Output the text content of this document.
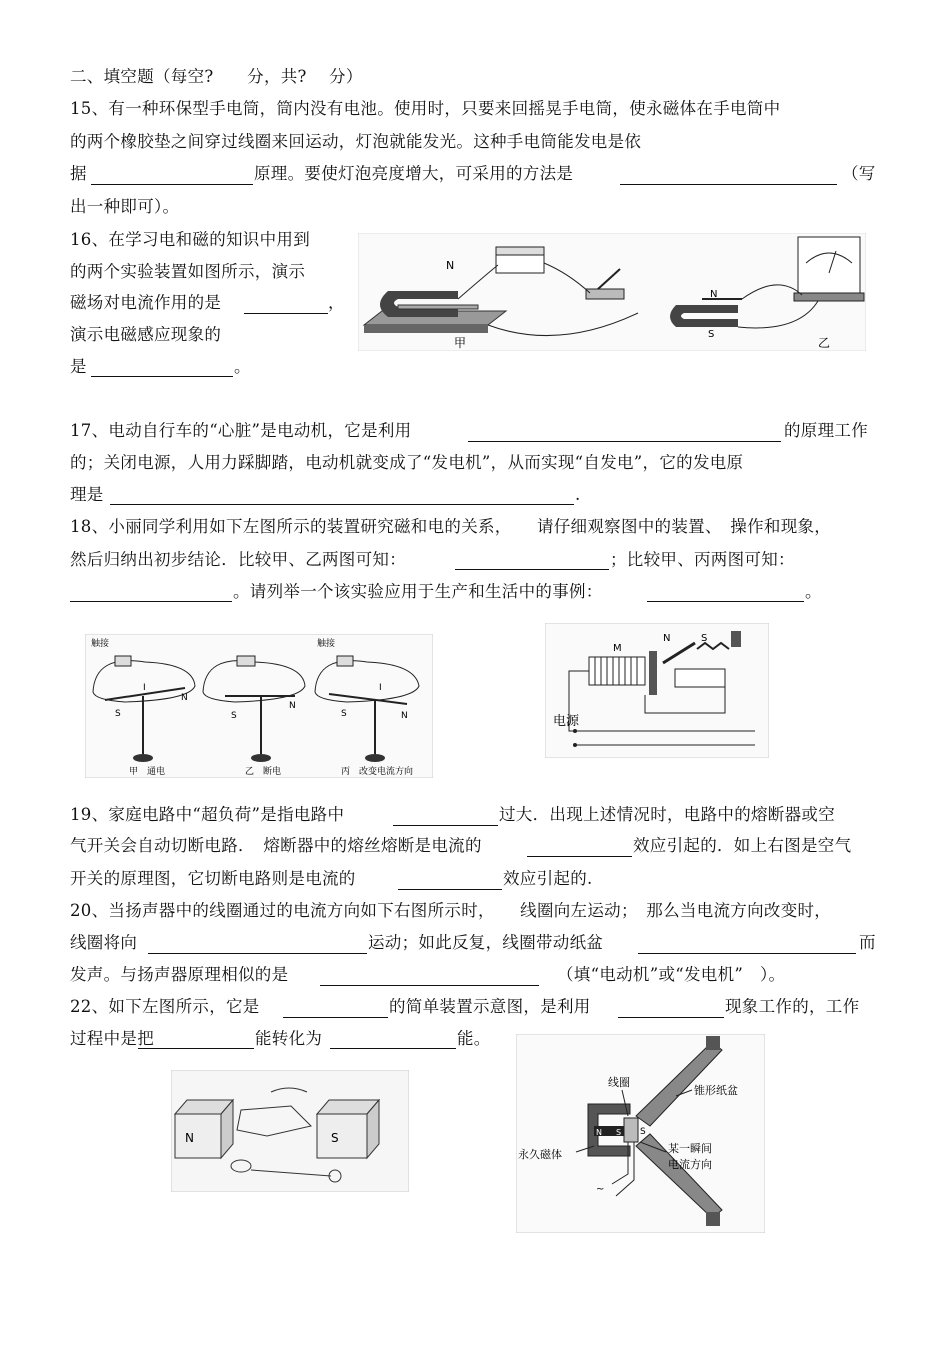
二、填空题（每空?　　分，共?　 分）
15、有一种环保型手电筒，筒内没有电池。使用时，只要来回摇晃手电筒，使永磁体在手电筒中
的两个橡胶垫之间穿过线圈来回运动，灯泡就能发光。这种手电筒能发电是依
据	原理。要使灯泡亮度增大，可采用的方法是	（写
出一种即可）。
16、在学习电和磁的知识中用到
的两个实验装置如图所示，演示
磁场对电流作用的是	，
演示电磁感应现象的
是	。
N
N
S
甲	乙
17、电动自行车的“心脏”是电动机，它是利用	的原理工作
的；关闭电源，人用力踩脚踏，电动机就变成了“发电机”，从而实现“自发电”，它的发电原
理是	.
18、小丽同学利用如下左图所示的装置研究磁和电的关系，　　请仔细观察图中的装置、　操作和现象，
然后归纳出初步结论．比较甲、乙两图可知：	；比较甲、丙两图可知：
。请列举一个该实验应用于生产和生活中的事例：	。
触接	触接
I	I
S
N
S
N
S	N
甲　通电	乙　断电	丙　改变电流方向
M
N	S
电源
19、家庭电路中“超负荷”是指电路中	过大．出现上述情况时，电路中的熔断器或空
气开关会自动切断电路．　熔断器中的熔丝熔断是电流的	效应引起的．如上右图是空气
开关的原理图，它切断电路则是电流的	效应引起的.
20、当扬声器中的线圈通过的电流方向如下右图所示时，　　线圈向左运动；　那么当电流方向改变时，
线圈将向	运动；如此反复，线圈带动纸盆	而
发声。与扬声器原理相似的是	（填“电动机”或“发电机”　）。
22、如下左图所示，它是	的简单装置示意图，是利用	现象工作的，工作
过程中是把	能转化为	能。
N	S
~
线圈
锥形纸盆
永久磁体	某一瞬间
电流方向
N S S
